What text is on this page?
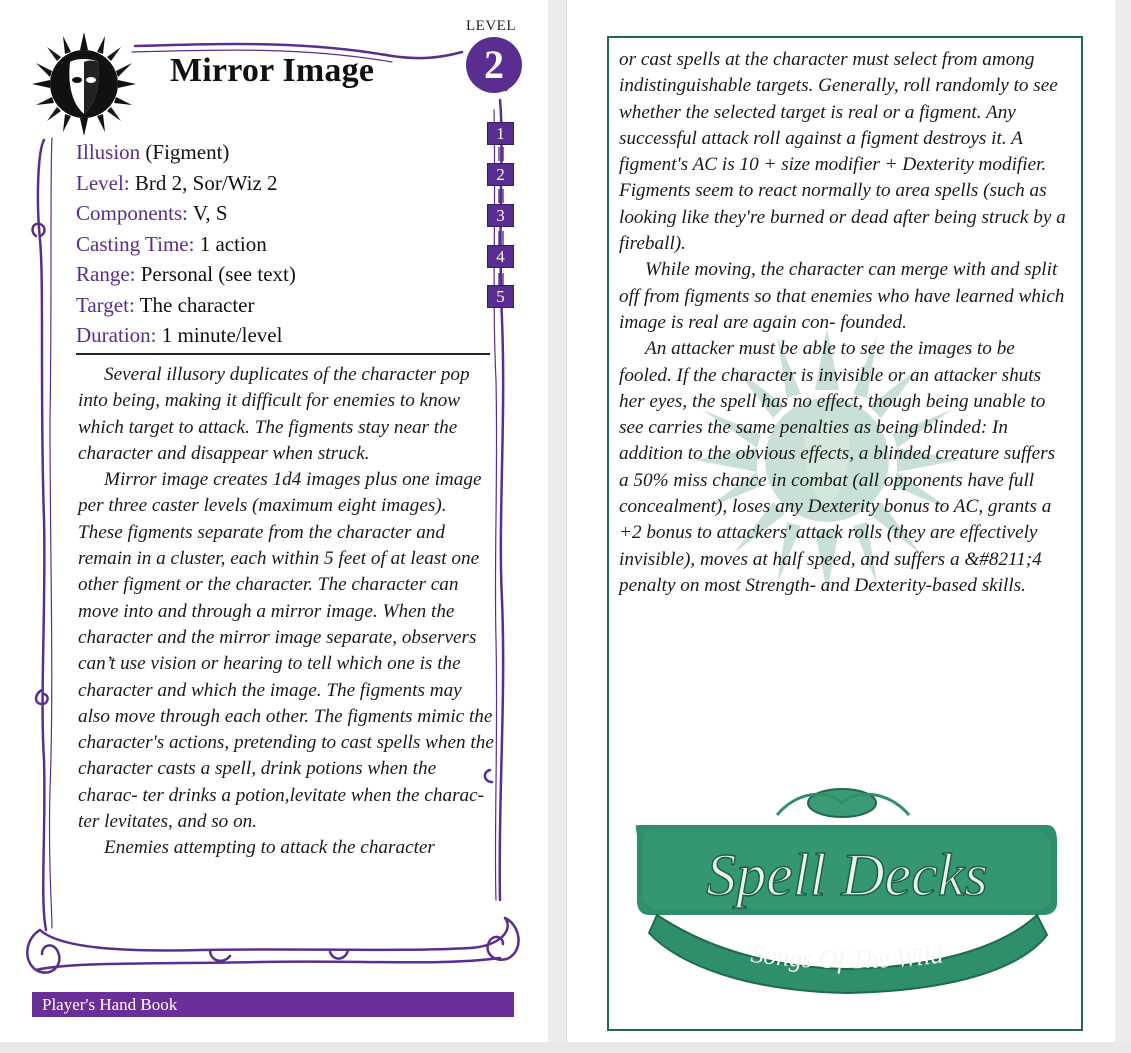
Mirror Image
LEVEL
2
1
2
3
4
5
Illusion (Figment)
Level: Brd 2, Sor/Wiz 2
Components: V, S
Casting Time: 1 action
Range: Personal (see text)
Target: The character
Duration: 1 minute/level

Several illusory duplicates of the character pop into being, making it difficult for enemies to know which target to attack. The figments stay near the character and disappear when struck.

Mirror image creates 1d4 images plus one image per three caster levels (maximum eight images). These figments separate from the character and remain in a cluster, each within 5 feet of at least one other figment or the character. The character can move into and through a mirror image. When the character and the mirror image separate, observers can’t use vision or hearing to tell which one is the character and which the image. The figments may also move through each other. The figments mimic the character's actions, pretending to cast spells when the character casts a spell, drink potions when the charac- ter drinks a potion,levitate when the charac- ter levitates, and so on.

Enemies attempting to attack the character

Player's Hand Book

or cast spells at the character must select from among indistinguishable targets. Generally, roll randomly to see whether the selected target is real or a figment. Any successful attack roll against a figment destroys it. A figment's AC is 10 + size modifier + Dexterity modifier. Figments seem to react normally to area spells (such as looking like they're burned or dead after being struck by a fireball).

While moving, the character can merge with and split off from figments so that enemies who have learned which image is real are again con- founded.

An attacker must be able to see the images to be fooled. If the character is invisible or an attacker shuts her eyes, the spell has no effect, though being unable to see carries the same penalties as being blinded: In addition to the obvious effects, a blinded creature suffers a 50% miss chance in combat (all opponents have full concealment), loses any Dexterity bonus to AC, grants a +2 bonus to attackers' attack rolls (they are effectively invisible), moves at half speed, and suffers a &#8211;4 penalty on most Strength- and Dexterity-based skills.

Spell Decks
Songs Of The Wild
